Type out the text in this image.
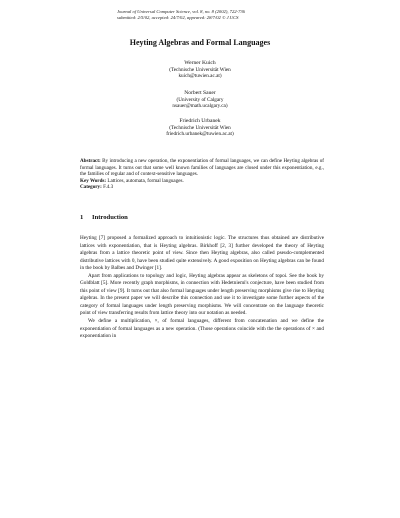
Journal of Universal Computer Science, vol. 8, no. 8 (2002), 722-736
submitted: 2/5/02, accepted: 24/7/02, appeared: 28/7/02 © J.UCS
Heyting Algebras and Formal Languages
Werner Kuich
(Technische Universität Wien
kuich@tuwien.ac.at)
Norbert Sauer
(University of Calgary
nsauer@math.ucalgary.ca)
Friedrich Urbanek
(Technische Universität Wien
friedrich.urbanek@tuwien.ac.at)
Abstract: By introducing a new operation, the exponentiation of formal languages, we can define Heyting algebras of formal languages. It turns out that some well known families of languages are closed under this exponentiation, e.g., the families of regular and of context-sensitive languages.
Key Words: Lattices, automata, formal languages.
Category: F.4.3
1 Introduction

Heyting [7] proposed a formalized approach to intuitionistic logic. The structures thus obtained are distributive lattices with exponentiation, that is Heyting algebras. Birkhoff [2, 3] further developed the theory of Heyting algebras from a lattice theoretic point of view. Since then Heyting algebras, also called pseudo-complemented distributive lattices with 0, have been studied quite extensively. A good exposition on Heyting algebras can be found in the book by Balbes and Dwinger [1].

Apart from applications to topology and logic, Heyting algebras appear as skeletons of topoi. See the book by Goldblatt [5]. More recently graph morphisms, in connection with Hedetniemi's conjecture, have been studied from this point of view [9]. It turns out that also formal languages under length preserving morphisms give rise to Heyting algebras. In the present paper we will describe this connection and use it to investigate some further aspects of the category of formal languages under length preserving morphisms. We will concentrate on the language theoretic point of view transferring results from lattice theory into our notation as needed.

We define a multiplication, ×, of formal languages, different from concatenation and we define the exponentiation of formal languages as a new operation. (Those operations coincide with the the operations of × and exponentiation in
